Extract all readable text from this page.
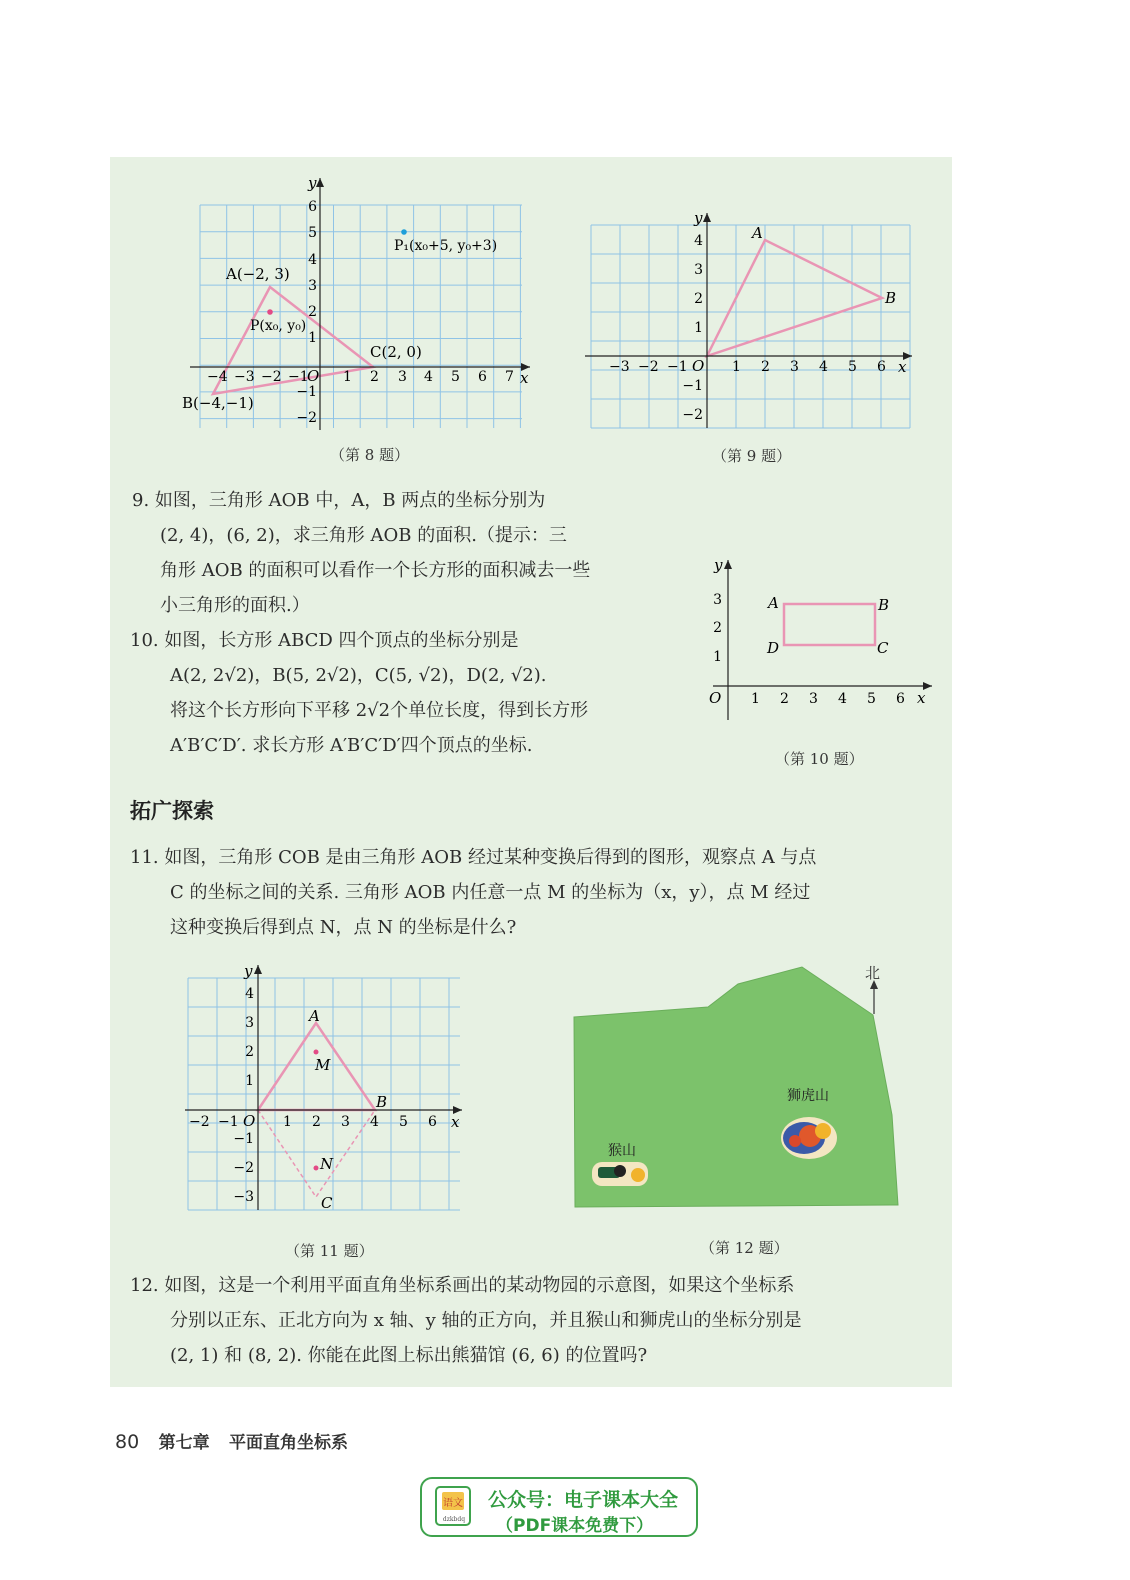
y
x
O
−4 −3 −2 −1 1 2 3 4 5 6 7
6
5
4
3
2
1
−1
−2
A(−2, 3)
B(−4,−1)
C(2, 0)
P(x₀, y₀)
P₁(x₀+5, y₀+3)
（第 8 题）
y
x
O
−3 −2 −1	1 2 3 4 5 6
4
3
2
1
−1
−2
A
B
（第 9 题）

9. 如图，三角形 AOB 中，A，B 两点的坐标分别为

(2, 4)，(6, 2)，求三角形 AOB 的面积.（提示：三

角形 AOB 的面积可以看作一个长方形的面积减去一些

小三角形的面积.）

10. 如图，长方形 ABCD 四个顶点的坐标分别是

A(2, 2√2)，B(5, 2√2)，C(5, √2)，D(2, √2).

将这个长方形向下平移 2√2个单位长度，得到长方形

A′B′C′D′. 求长方形 A′B′C′D′四个顶点的坐标.

y
x
O 1 2 3 4 5 6
3
2
1
A	B
C
D
（第 10 题）
拓广探索

11. 如图，三角形 COB 是由三角形 AOB 经过某种变换后得到的图形，观察点 A 与点

C 的坐标之间的关系. 三角形 AOB 内任意一点 M 的坐标为（x，y），点 M 经过

这种变换后得到点 N，点 N 的坐标是什么?

y
x
O
−2 −1	1 2 3 4 5 6
4
3
2
1
−1
−2
−3
A
B
C
M
N
（第 11 题）
北
狮虎山
猴山
（第 12 题）

12. 如图，这是一个利用平面直角坐标系画出的某动物园的示意图，如果这个坐标系

分别以正东、正北方向为 x 轴、y 轴的正方向，并且猴山和狮虎山的坐标分别是

(2, 1) 和 (8, 2). 你能在此图上标出熊猫馆 (6, 6) 的位置吗?

80 第七章 平面直角坐标系
语文
dzkbdq
公众号：电子课本大全
（PDF课本免费下）
